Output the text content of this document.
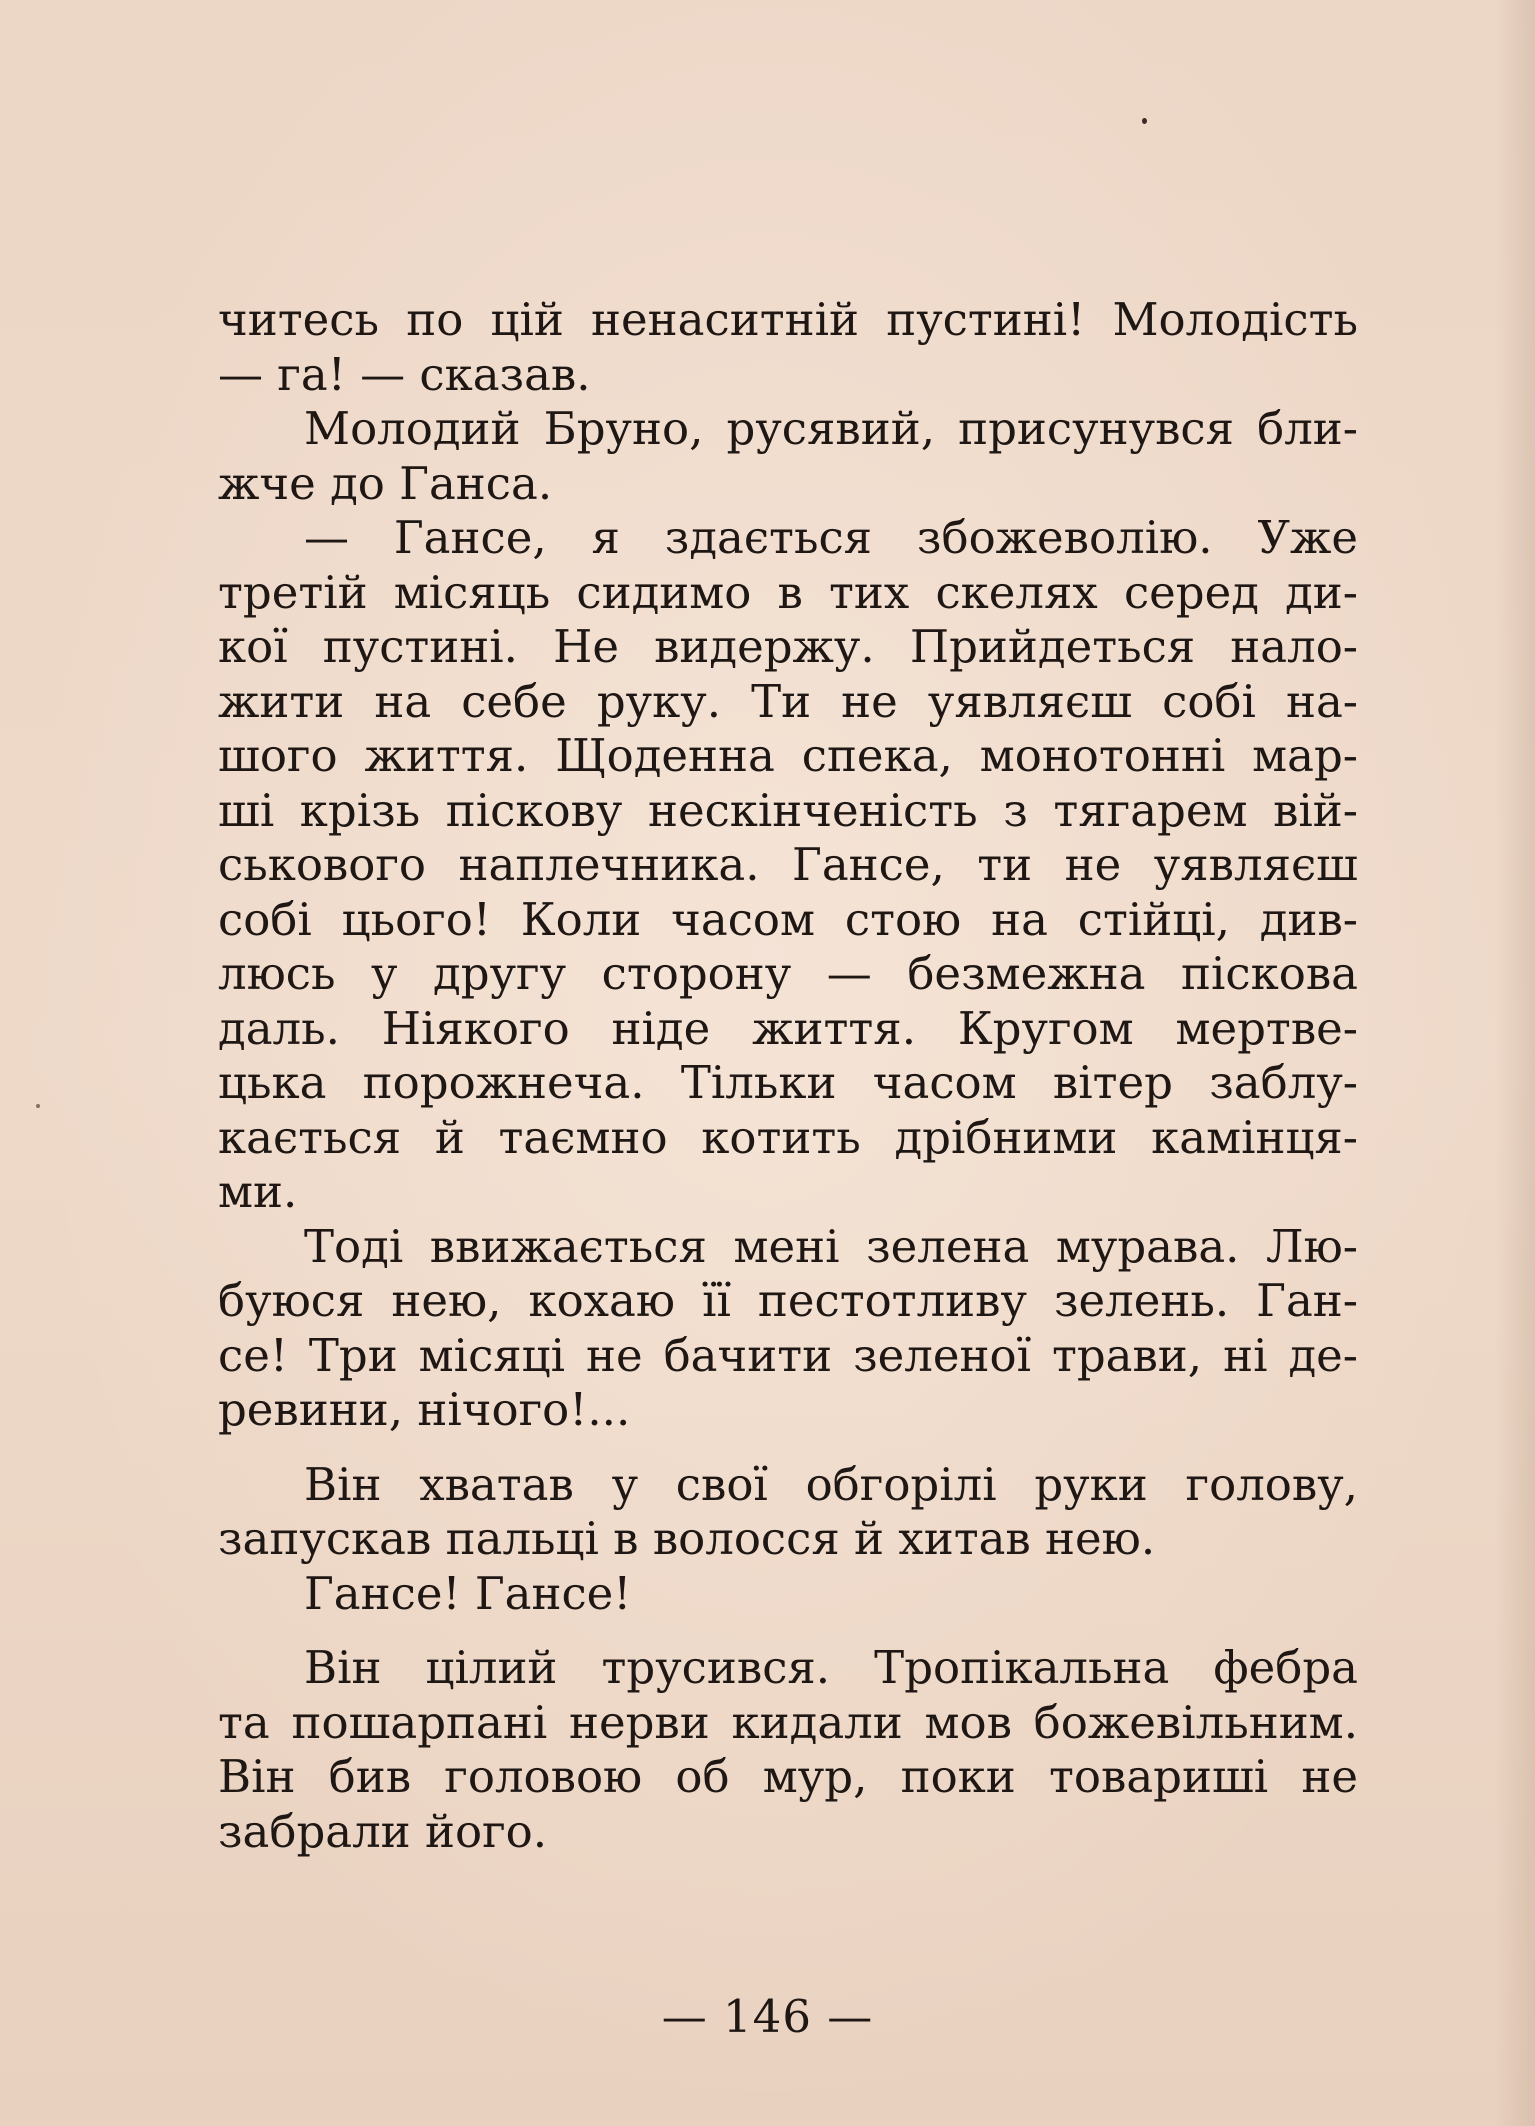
читесь по цій ненаситній пустині! Молодість
— га! — сказав.
Молодий Бруно, русявий, присунувся бли-
жче до Ганса.
— Гансе, я здається збожеволію. Уже
третій місяць сидимо в тих скелях серед ди-
кої пустині. Не видержу. Прийдеться нало-
жити на себе руку. Ти не уявляєш собі на-
шого життя. Щоденна спека, монотонні мар-
ші крізь піскову нескінченість з тягарем вій-
ськового наплечника. Гансе, ти не уявляєш
собі цього! Коли часом стою на стійці, див-
люсь у другу сторону — безмежна піскова
даль. Ніякого ніде життя. Кругом мертве-
цька порожнеча. Тільки часом вітер заблу-
кається й таємно котить дрібними камінця-
ми.
Тоді ввижається мені зелена мурава. Лю-
буюся нею, кохаю її пестотливу зелень. Ган-
се! Три місяці не бачити зеленої трави, ні де-
ревини, нічого!...
Він хватав у свої обгорілі руки голову,
запускав пальці в волосся й хитав нею.
Гансе! Гансе!
Він цілий трусився. Тропікальна фебра
та пошарпані нерви кидали мов божевільним.
Він бив головою об мур, поки товариші не
забрали його.
— 146 —
